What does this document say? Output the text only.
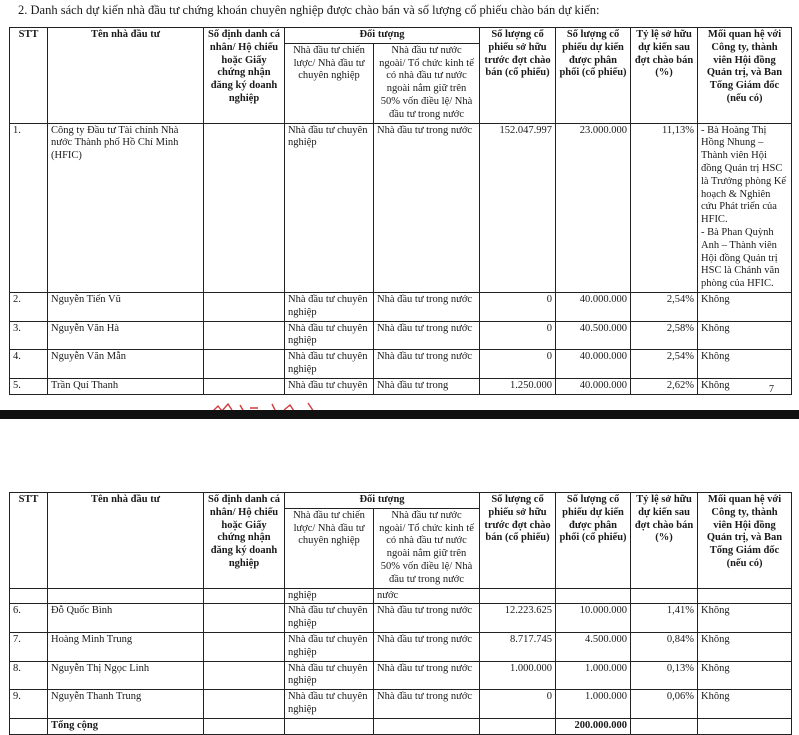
2. Danh sách dự kiến nhà đầu tư chứng khoán chuyên nghiệp được chào bán và số lượng cổ phiếu chào bán dự kiến:
STT	Tên nhà đầu tư	Số định danh cá nhân/ Hộ chiếu hoặc Giấy chứng nhận đăng ký doanh nghiệp	Đối tượng		Số lượng cổ phiếu sở hữu trước đợt chào bán (cổ phiếu)	Số lượng cổ phiếu dự kiến được phân phối (cổ phiếu)	Tỷ lệ sở hữu dự kiến sau đợt chào bán (%)	Mối quan hệ với Công ty, thành viên Hội đồng Quản trị, và Ban Tổng Giám đốc (nếu có)
			Nhà đầu tư chiến lược/ Nhà đầu tư chuyên nghiệp	Nhà đầu tư nước ngoài/ Tổ chức kinh tế có nhà đầu tư nước ngoài nắm giữ trên 50% vốn điều lệ/ Nhà đầu tư trong nước				
1.	Công ty Đầu tư Tài chính Nhà nước Thành phố Hồ Chí Minh (HFIC)		Nhà đầu tư chuyên nghiệp	Nhà đầu tư trong nước	152.047.997	23.000.000	11,13%	- Bà Hoàng Thị Hồng Nhung – Thành viên Hội đồng Quản trị HSC là Trưởng phòng Kế hoạch & Nghiên cứu Phát triển của HFIC.
- Bà Phan Quỳnh Anh – Thành viên Hội đồng Quản trị HSC là Chánh văn phòng của HFIC.

2.	Nguyễn Tiến Vũ		Nhà đầu tư chuyên nghiệp	Nhà đầu tư trong nước	0	40.000.000	2,54%	Không

3.	Nguyễn Văn Hà		Nhà đầu tư chuyên nghiệp	Nhà đầu tư trong nước	0	40.500.000	2,58%	Không

4.	Nguyễn Văn Mẫn		Nhà đầu tư chuyên nghiệp	Nhà đầu tư trong nước	0	40.000.000	2,54%	Không

5.	Trần Quí Thanh		Nhà đầu tư chuyên	Nhà đầu tư trong	1.250.000	40.000.000	2,62%	Không	7
STT	Tên nhà đầu tư	Số định danh cá nhân/ Hộ chiếu hoặc Giấy chứng nhận đăng ký doanh nghiệp	Đối tượng		Số lượng cổ phiếu sở hữu trước đợt chào bán (cổ phiếu)	Số lượng cổ phiếu dự kiến được phân phối (cổ phiếu)	Tỷ lệ sở hữu dự kiến sau đợt chào bán (%)	Mối quan hệ với Công ty, thành viên Hội đồng Quản trị, và Ban Tổng Giám đốc (nếu có)
			Nhà đầu tư chiến lược/ Nhà đầu tư chuyên nghiệp	Nhà đầu tư nước ngoài/ Tổ chức kinh tế có nhà đầu tư nước ngoài nắm giữ trên 50% vốn điều lệ/ Nhà đầu tư trong nước				
			nghiệp	nước				
6.	Đỗ Quốc Bình		Nhà đầu tư chuyên nghiệp	Nhà đầu tư trong nước	12.223.625	10.000.000	1,41%	Không

7.	Hoàng Minh Trung		Nhà đầu tư chuyên nghiệp	Nhà đầu tư trong nước	8.717.745	4.500.000	0,84%	Không

8.	Nguyễn Thị Ngọc Linh		Nhà đầu tư chuyên nghiệp	Nhà đầu tư trong nước	1.000.000	1.000.000	0,13%	Không

9.	Nguyễn Thanh Trung		Nhà đầu tư chuyên nghiệp	Nhà đầu tư trong nước	0	1.000.000	0,06%	Không

	Tổng cộng					200.000.000		
